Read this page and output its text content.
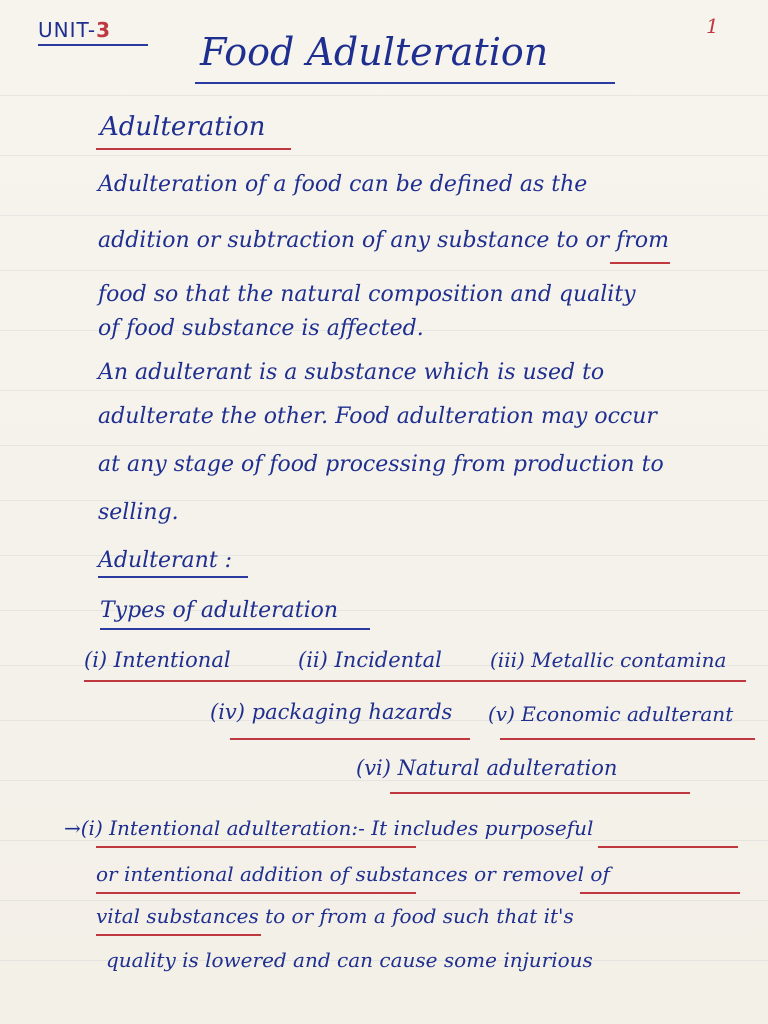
UNIT-3	1
Food Adulteration
Adulteration
Adulteration of a food can be defined as the
addition or subtraction of any substance to or from
food so that the natural composition and quality
of food substance is affected.
An adulterant is a substance which is used to
adulterate the other. Food adulteration may occur
at any stage of food processing from production to
selling.
Adulterant :
Types of adulteration
(i) Intentional	(ii) Incidental (iii) Metallic contamina
(iv) packaging hazards (v) Economic adulterant
(vi) Natural adulteration
→(i) Intentional adulteration:- It includes purposeful
or intentional addition of substances or removel of
vital substances to or from a food such that it's
quality is lowered and can cause some injurious
